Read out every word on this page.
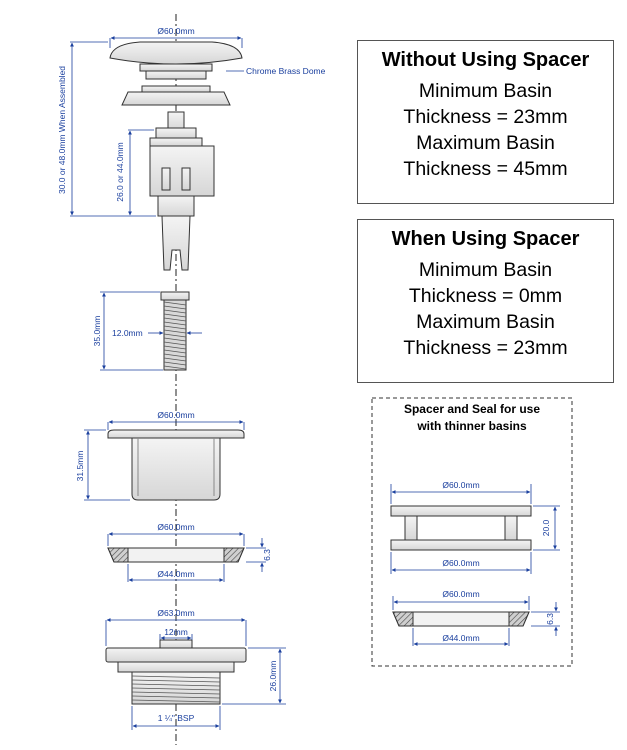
Ø60.0mm
Chrome Brass Dome
30.0 or 48.0mm When Assembled	26.0 or 44.0mm
35.0mm 12.0mm
Ø60.0mm
31.5mm
Ø60.0mm
Ø44.0mm
6.3
Ø63.0mm
12mm
26.0mm
1 ¼" BSP
Ø60.0mm
20.0
Ø60.0mm
Ø60.0mm
6.3
Ø44.0mm
Without Using Spacer
Minimum Basin
Thickness = 23mm
Maximum Basin
Thickness = 45mm
When Using Spacer
Minimum Basin
Thickness = 0mm
Maximum Basin
Thickness = 23mm
Spacer and Seal for use
with thinner basins
